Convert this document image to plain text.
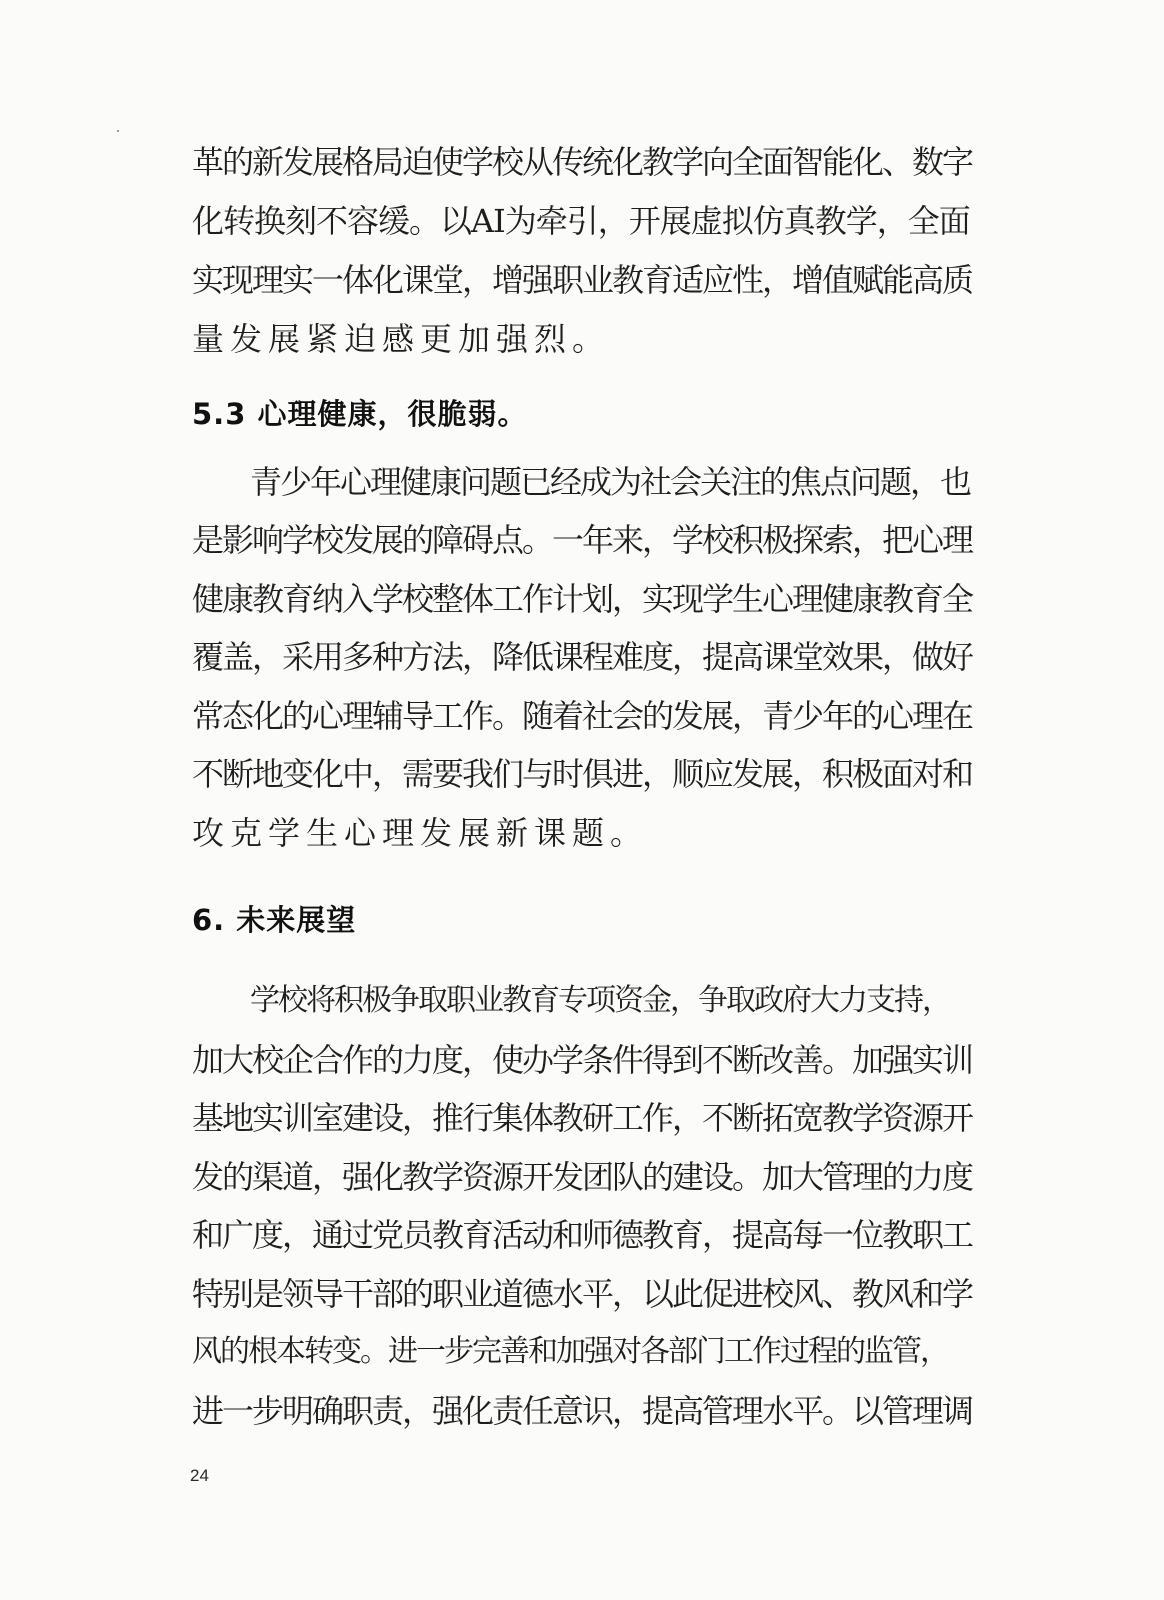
革的新发展格局迫使学校从传统化教学向全面智能化、数字

化转换刻不容缓。以AI为牵引，开展虚拟仿真教学，全面

实现理实一体化课堂，增强职业教育适应性，增值赋能高质

量发展紧迫感更加强烈。

5.3 心理健康，很脆弱。

青少年心理健康问题已经成为社会关注的焦点问题，也

是影响学校发展的障碍点。一年来，学校积极探索，把心理

健康教育纳入学校整体工作计划，实现学生心理健康教育全

覆盖，采用多种方法，降低课程难度，提高课堂效果，做好

常态化的心理辅导工作。随着社会的发展，青少年的心理在

不断地变化中，需要我们与时俱进，顺应发展，积极面对和

攻克学生心理发展新课题。

6. 未来展望

学校将积极争取职业教育专项资金，争取政府大力支持，

加大校企合作的力度，使办学条件得到不断改善。加强实训

基地实训室建设，推行集体教研工作，不断拓宽教学资源开

发的渠道，强化教学资源开发团队的建设。加大管理的力度

和广度，通过党员教育活动和师德教育，提高每一位教职工

特别是领导干部的职业道德水平，以此促进校风、教风和学

风的根本转变。进一步完善和加强对各部门工作过程的监管，

进一步明确职责，强化责任意识，提高管理水平。以管理调

24
